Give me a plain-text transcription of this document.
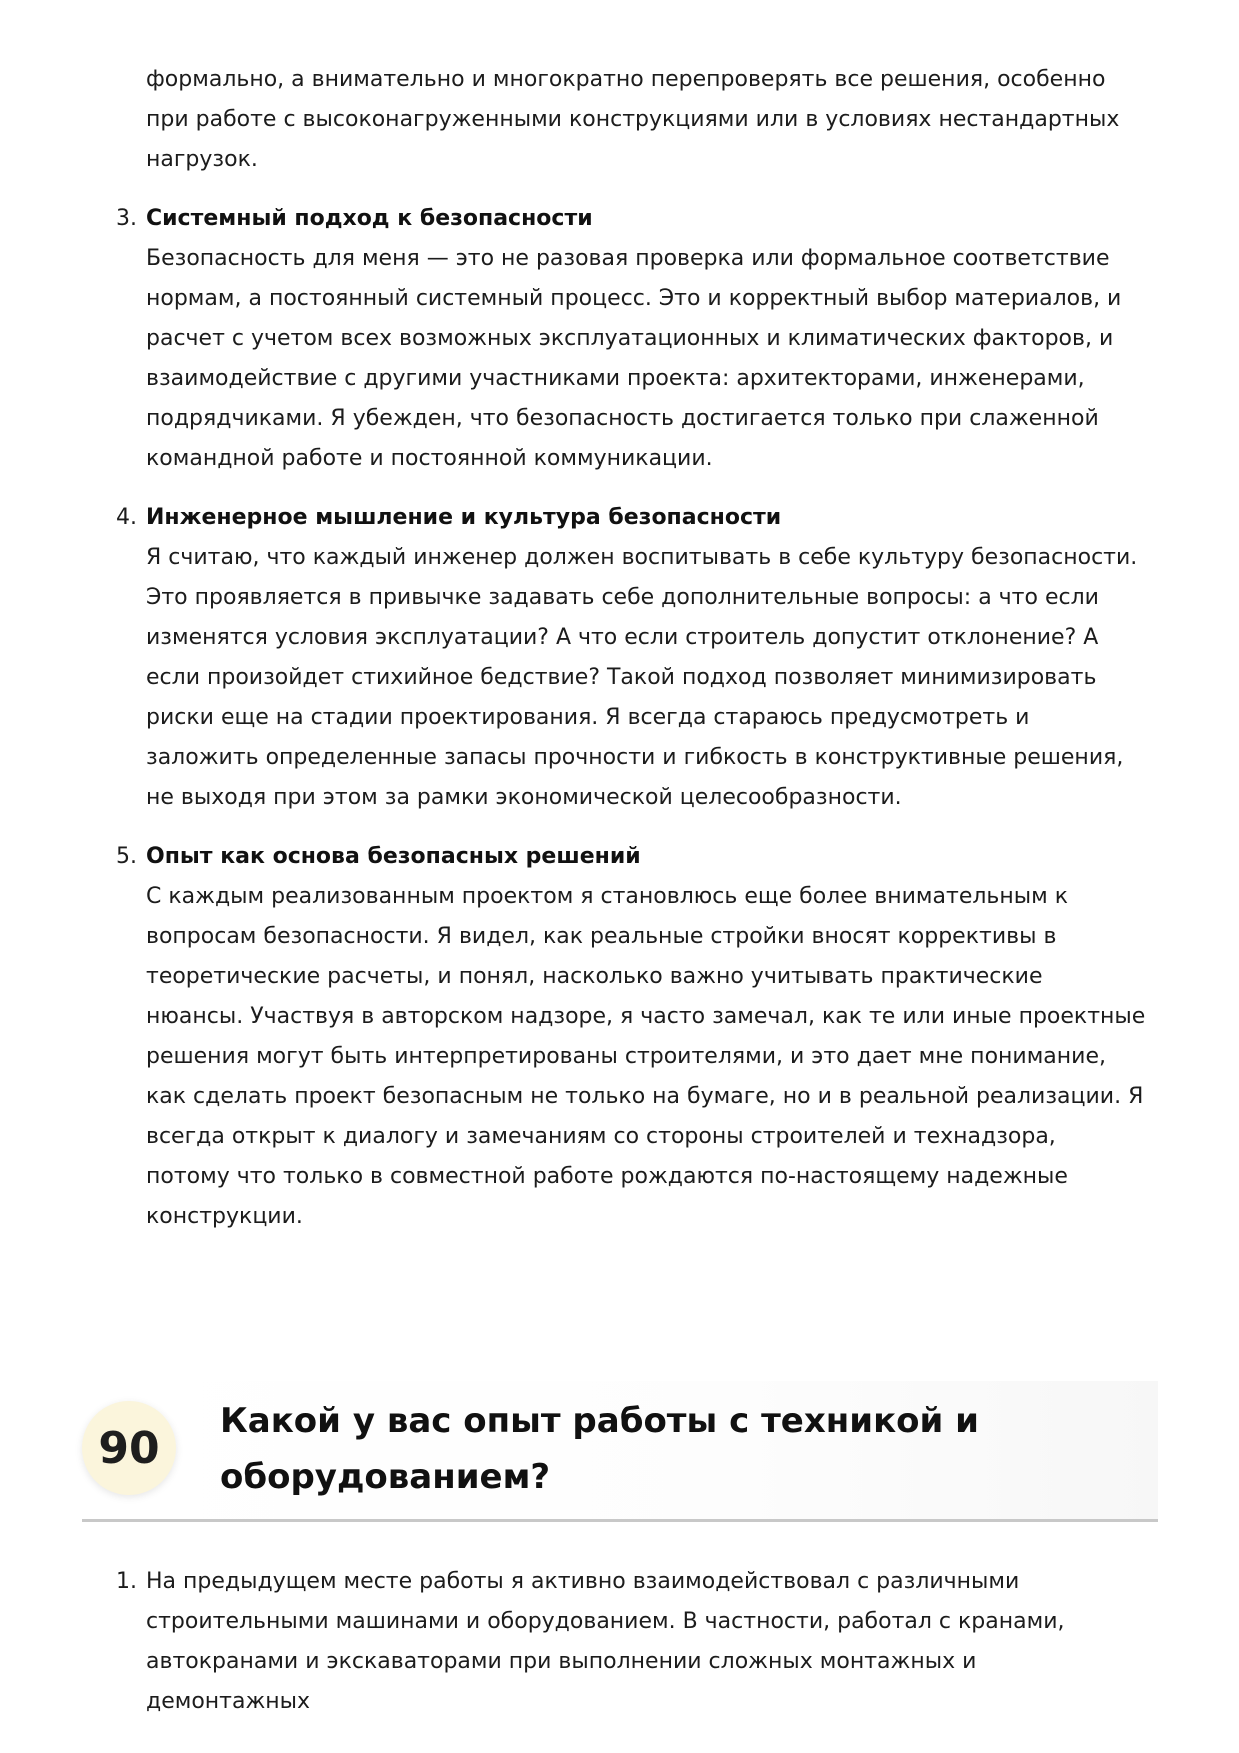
формально, а внимательно и многократно перепроверять все решения, особенно при работе с высоконагруженными конструкциями или в условиях нестандартных нагрузок.
3. Системный подход к безопасности
Безопасность для меня — это не разовая проверка или формальное соответствие нормам, а постоянный системный процесс. Это и корректный выбор материалов, и расчет с учетом всех возможных эксплуатационных и климатических факторов, и взаимодействие с другими участниками проекта: архитекторами, инженерами, подрядчиками. Я убежден, что безопасность достигается только при слаженной командной работе и постоянной коммуникации.
4. Инженерное мышление и культура безопасности
Я считаю, что каждый инженер должен воспитывать в себе культуру безопасности. Это проявляется в привычке задавать себе дополнительные вопросы: а что если изменятся условия эксплуатации? А что если строитель допустит отклонение? А если произойдет стихийное бедствие? Такой подход позволяет минимизировать риски еще на стадии проектирования. Я всегда стараюсь предусмотреть и заложить определенные запасы прочности и гибкость в конструктивные решения, не выходя при этом за рамки экономической целесообразности.
5. Опыт как основа безопасных решений
С каждым реализованным проектом я становлюсь еще более внимательным к вопросам безопасности. Я видел, как реальные стройки вносят коррективы в теоретические расчеты, и понял, насколько важно учитывать практические нюансы. Участвуя в авторском надзоре, я часто замечал, как те или иные проектные решения могут быть интерпретированы строителями, и это дает мне понимание, как сделать проект безопасным не только на бумаге, но и в реальной реализации. Я всегда открыт к диалогу и замечаниям со стороны строителей и технадзора, потому что только в совместной работе рождаются по-настоящему надежные конструкции.
90
Какой у вас опыт работы с техникой и оборудованием?
1. На предыдущем месте работы я активно взаимодействовал с различными строительными машинами и оборудованием. В частности, работал с кранами, автокранами и экскаваторами при выполнении сложных монтажных и демонтажных
